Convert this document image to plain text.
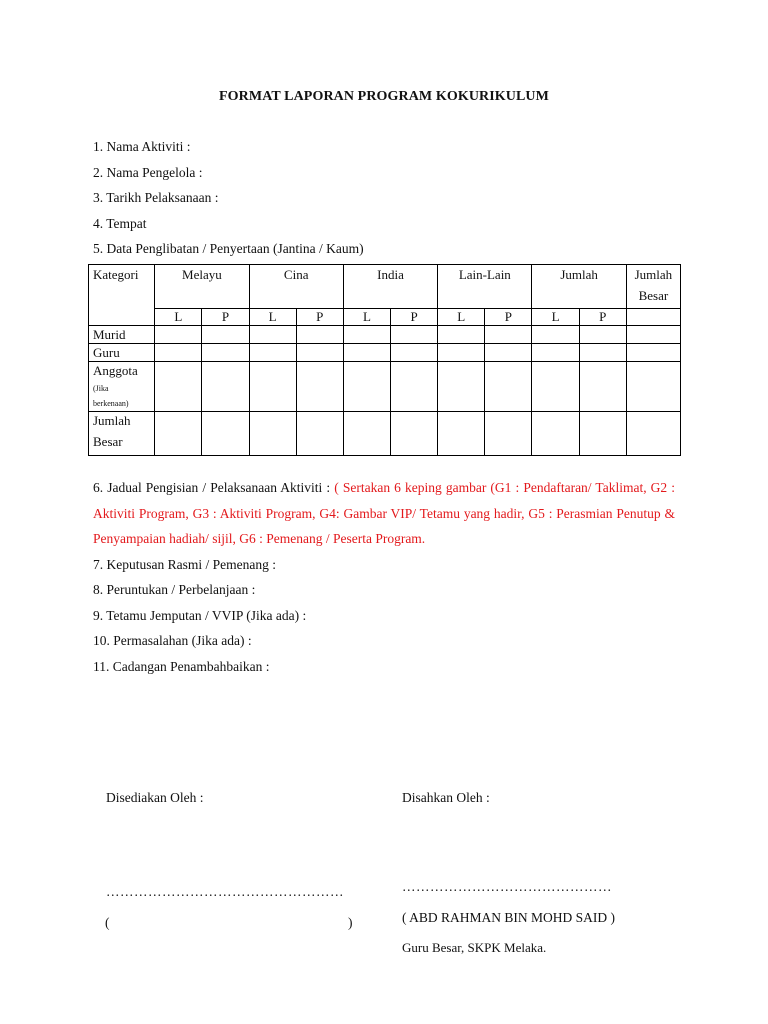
FORMAT LAPORAN PROGRAM KOKURIKULUM
1. Nama Aktiviti :
2. Nama Pengelola :
3. Tarikh Pelaksanaan :
4. Tempat
5. Data Penglibatan / Penyertaan (Jantina / Kaum)
Kategori	Melayu		Cina		India		Lain-Lain		Jumlah		Jumlah
Besar

	L	P	L	P	L	P	L	P	L	P	
Murid											
Guru											

Anggota
(Jika
berkenaan)											

Jumlah
Besar											

6. Jadual Pengisian / Pelaksanaan Aktiviti : ( Sertakan 6 keping gambar (G1 : Pendaftaran/ Taklimat, G2 : Aktiviti Program, G3 : Aktiviti Program, G4: Gambar VIP/ Tetamu yang hadir, G5 : Perasmian Penutup & Penyampaian hadiah/ sijil, G6 : Pemenang / Peserta Program.

7. Keputusan Rasmi / Pemenang :
8. Peruntukan / Perbelanjaan :
9. Tetamu Jemputan / VVIP (Jika ada) :
10. Permasalahan (Jika ada) :
11. Cadangan Penambahbaikan :
Disediakan Oleh :	Disahkan Oleh :
……………………………………………	………………………………………
(	)	( ABD RAHMAN BIN MOHD SAID )
Guru Besar, SKPK Melaka.
